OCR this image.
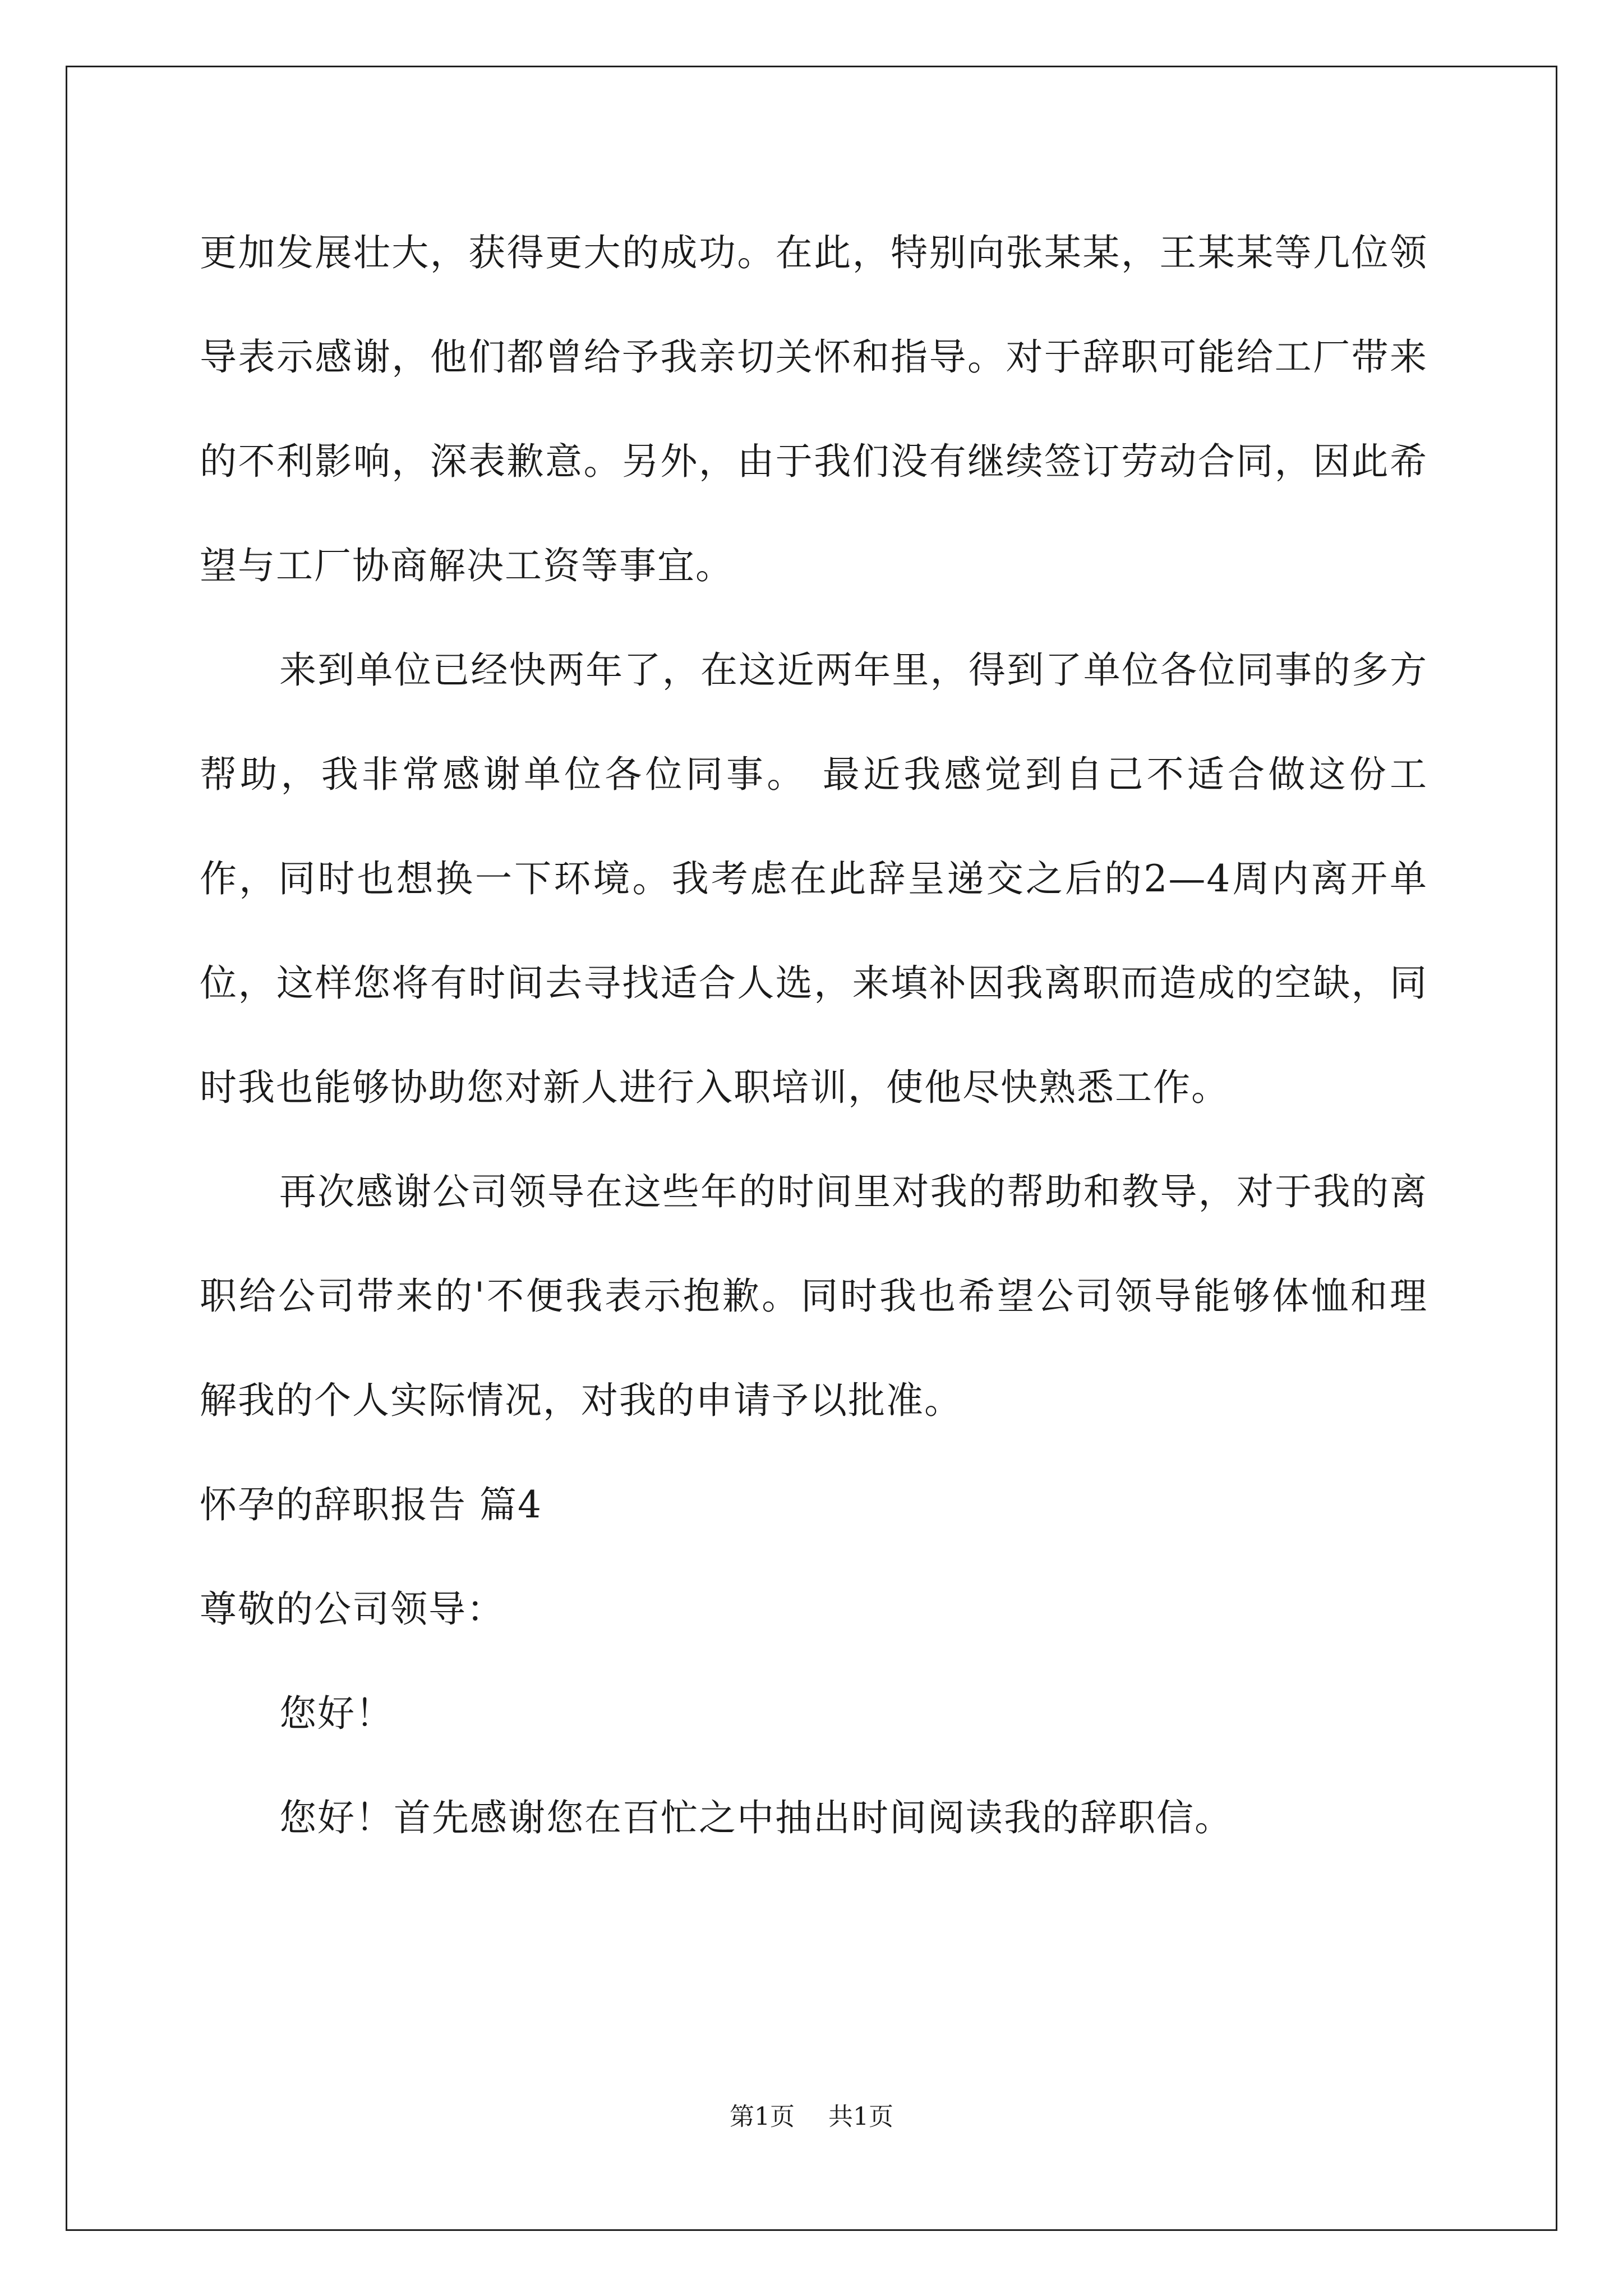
更加发展壮大，获得更大的成功。在此，特别向张某某，王某某等几位领导表示感谢，他们都曾给予我亲切关怀和指导。对于辞职可能给工厂带来的不利影响，深表歉意。另外，由于我们没有继续签订劳动合同，因此希望与工厂协商解决工资等事宜。

来到单位已经快两年了，在这近两年里，得到了单位各位同事的多方帮助，我非常感谢单位各位同事。 最近我感觉到自己不适合做这份工作，同时也想换一下环境。我考虑在此辞呈递交之后的2—4周内离开单位，这样您将有时间去寻找适合人选，来填补因我离职而造成的空缺，同时我也能够协助您对新人进行入职培训，使他尽快熟悉工作。

再次感谢公司领导在这些年的时间里对我的帮助和教导，对于我的离职给公司带来的'不便我表示抱歉。同时我也希望公司领导能够体恤和理解我的个人实际情况，对我的申请予以批准。

怀孕的辞职报告 篇4

尊敬的公司领导：

您好！

您好！首先感谢您在百忙之中抽出时间阅读我的辞职信。

第1页 共1页
